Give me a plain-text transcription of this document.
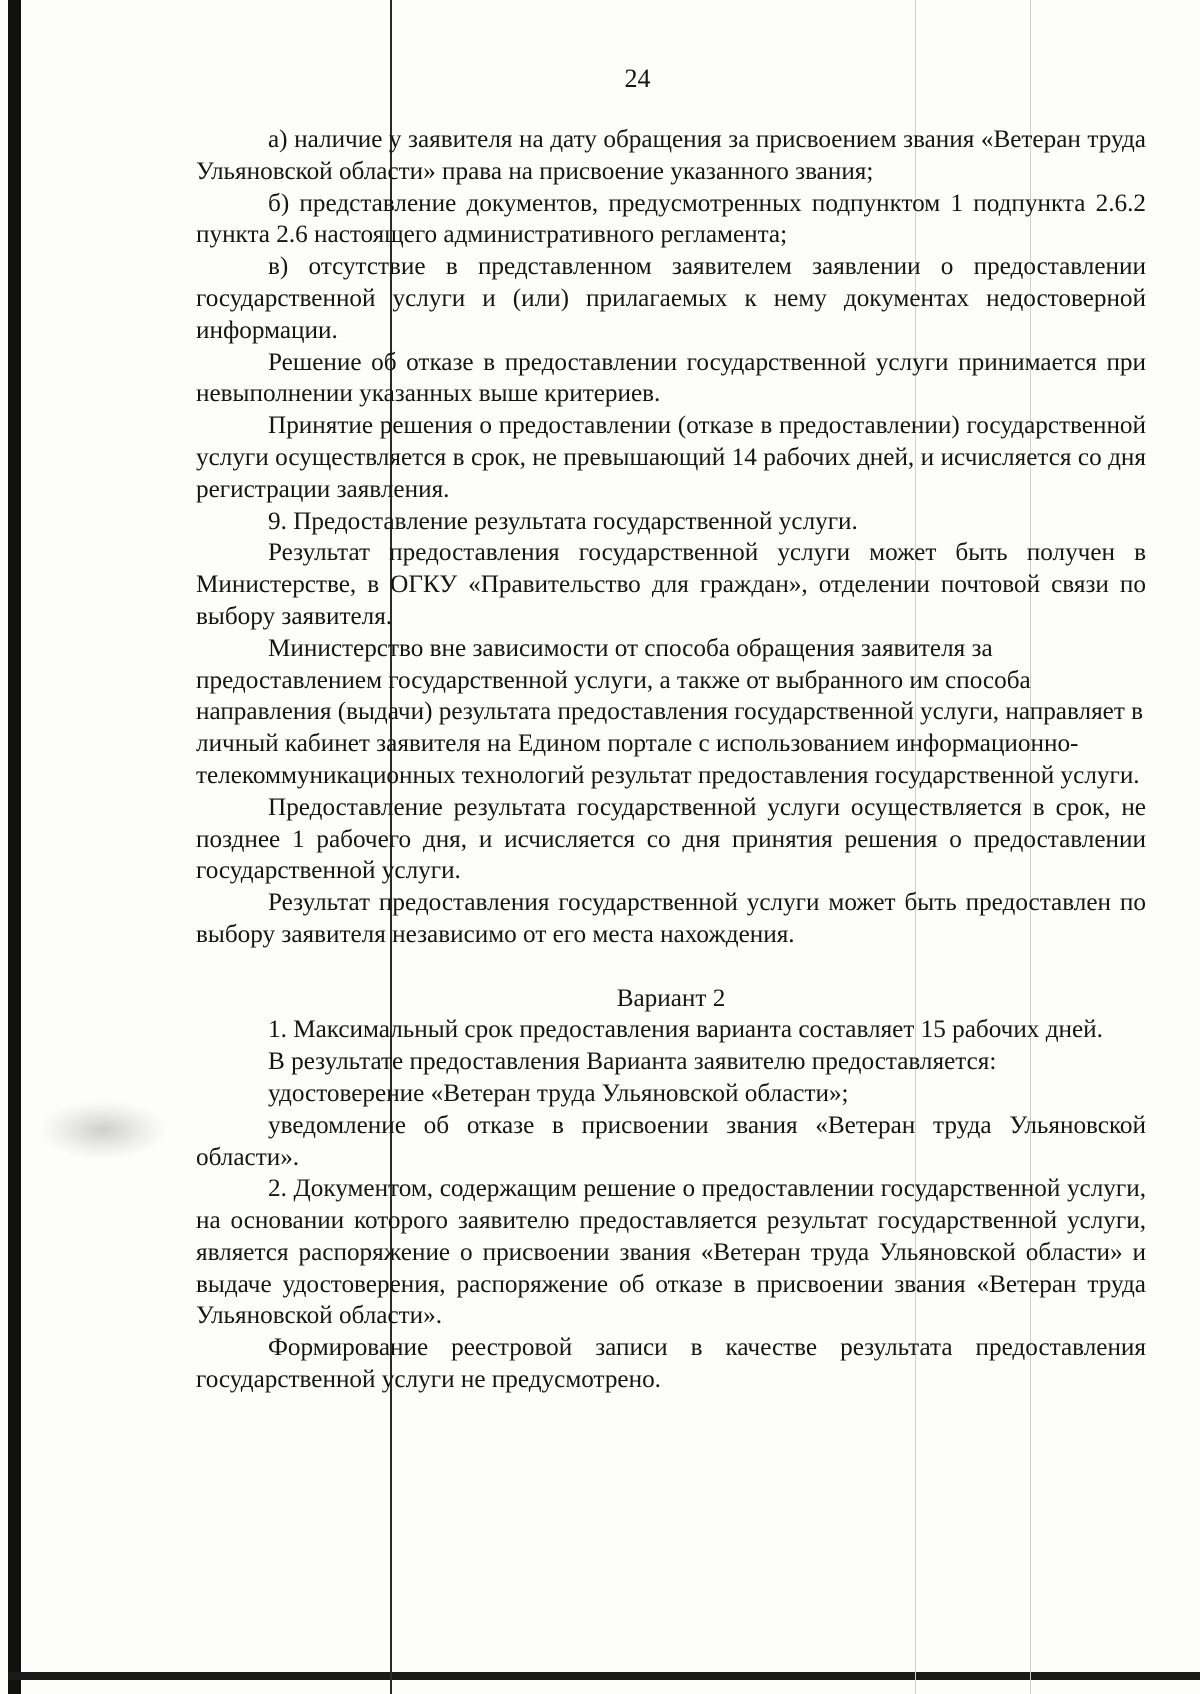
24

а) наличие у заявителя на дату обращения за присвоением звания «Ветеран труда Ульяновской области» права на присвоение указанного звания;

б) представление документов, предусмотренных подпунктом 1 подпункта 2.6.2 пункта 2.6 настоящего административного регламента;

в) отсутствие в представленном заявителем заявлении о предоставлении государственной услуги и (или) прилагаемых к нему документах недостоверной информации.

Решение об отказе в предоставлении государственной услуги принимается при невыполнении указанных выше критериев.

Принятие решения о предоставлении (отказе в предоставлении) государственной услуги осуществляется в срок, не превышающий 14 рабочих дней, и исчисляется со дня регистрации заявления.

9. Предоставление результата государственной услуги.

Результат предоставления государственной услуги может быть получен в Министерстве, в ОГКУ «Правительство для граждан», отделении почтовой связи по выбору заявителя.

Министерство вне зависимости от способа обращения заявителя за предоставлением государственной услуги, а также от выбранного им способа направления (выдачи) результата предоставления государственной услуги, направляет в личный кабинет заявителя на Едином портале с использованием информационно-телекоммуникационных технологий результат предоставления государственной услуги.

Предоставление результата государственной услуги осуществляется в срок, не позднее 1 рабочего дня, и исчисляется со дня принятия решения о предоставлении государственной услуги.

Результат предоставления государственной услуги может быть предоставлен по выбору заявителя независимо от его места нахождения.

Вариант 2

1. Максимальный срок предоставления варианта составляет 15 рабочих дней.

В результате предоставления Варианта заявителю предоставляется:

удостоверение «Ветеран труда Ульяновской области»;

уведомление об отказе в присвоении звания «Ветеран труда Ульяновской области».

2. Документом, содержащим решение о предоставлении государственной услуги, на основании которого заявителю предоставляется результат государственной услуги, является распоряжение о присвоении звания «Ветеран труда Ульяновской области» и выдаче удостоверения, распоряжение об отказе в присвоении звания «Ветеран труда Ульяновской области».

Формирование реестровой записи в качестве результата предоставления государственной услуги не предусмотрено.
